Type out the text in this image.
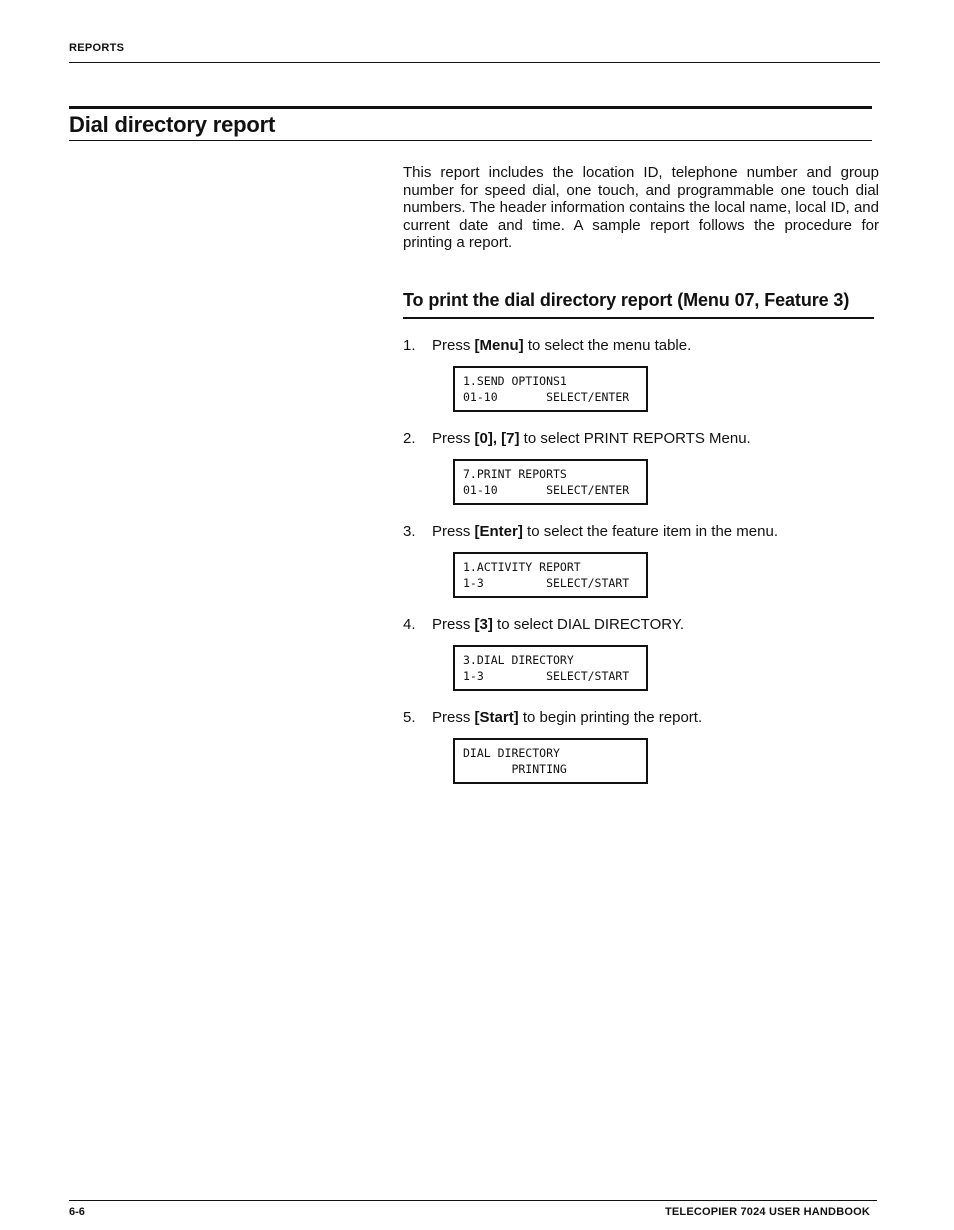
REPORTS
Dial directory report
This report includes the location ID, telephone number and group number for speed dial, one touch, and programmable one touch dial numbers. The header information contains the local name, local ID, and current date and time. A sample report follows the procedure for printing a report.
To print the dial directory report (Menu 07, Feature 3)
1. Press [Menu] to select the menu table.
1.SEND OPTIONS1
01-10       SELECT/ENTER
2. Press [0], [7] to select PRINT REPORTS Menu.
7.PRINT REPORTS
01-10       SELECT/ENTER
3. Press [Enter] to select the feature item in the menu.
1.ACTIVITY REPORT
1-3         SELECT/START
4. Press [3] to select DIAL DIRECTORY.
3.DIAL DIRECTORY
1-3         SELECT/START
5. Press [Start] to begin printing the report.
DIAL DIRECTORY
PRINTING
6-6	TELECOPIER 7024 USER HANDBOOK
